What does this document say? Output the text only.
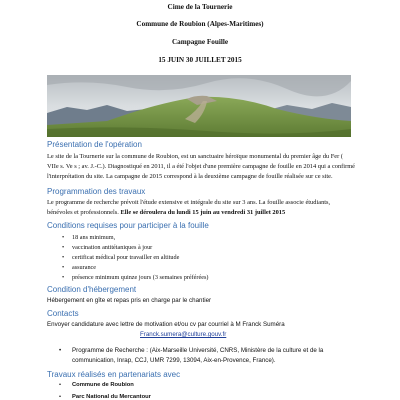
Cime de la Tournerie
Commune de Roubion (Alpes-Maritimes)
Campagne Fouille
15 JUIN 30 JUILLET 2015
Présentation de l'opération
Le site de la Tournerie sur la commune de Roubion, est un sanctuaire héroïque monumental du premier âge du Fer ( VIIe s. Ve s ; av. J.-C.). Diagnostiqué en 2011, il a été l'objet d'une première campagne de fouille en 2014 qui a confirmé l'interprétation du site. La campagne de 2015 correspond à la deuxième campagne de fouille réalisée sur ce site.
Programmation des travaux
Le programme de recherche prévoit l'étude extensive et intégrale du site sur 3 ans. La fouille associe étudiants, bénévoles et professionnels. Elle se déroulera du lundi 15 juin au vendredi 31 juillet 2015
Conditions requises pour participer à la fouille
• 18 ans minimum,
• vaccination antitétaniques à jour
• certificat médical pour travailler en altitude
• assurance
• présence minimum quinze jours (3 semaines préférées)
Condition d'hébergement
Hébergement en gîte et repas pris en charge par le chantier
Contacts
Envoyer candidature avec lettre de motivation et/ou cv par courriel à M Franck Suméra
Franck.sumera@culture.gouv.fr
• Programme de Recherche : (Aix-Marseille Université, CNRS, Ministère de la culture et de la communication, Inrap, CCJ, UMR 7299, 13094, Aix-en-Provence, France).
Travaux réalisés en partenariats avec
• Commune de Roubion
• Parc National du Mercantour
